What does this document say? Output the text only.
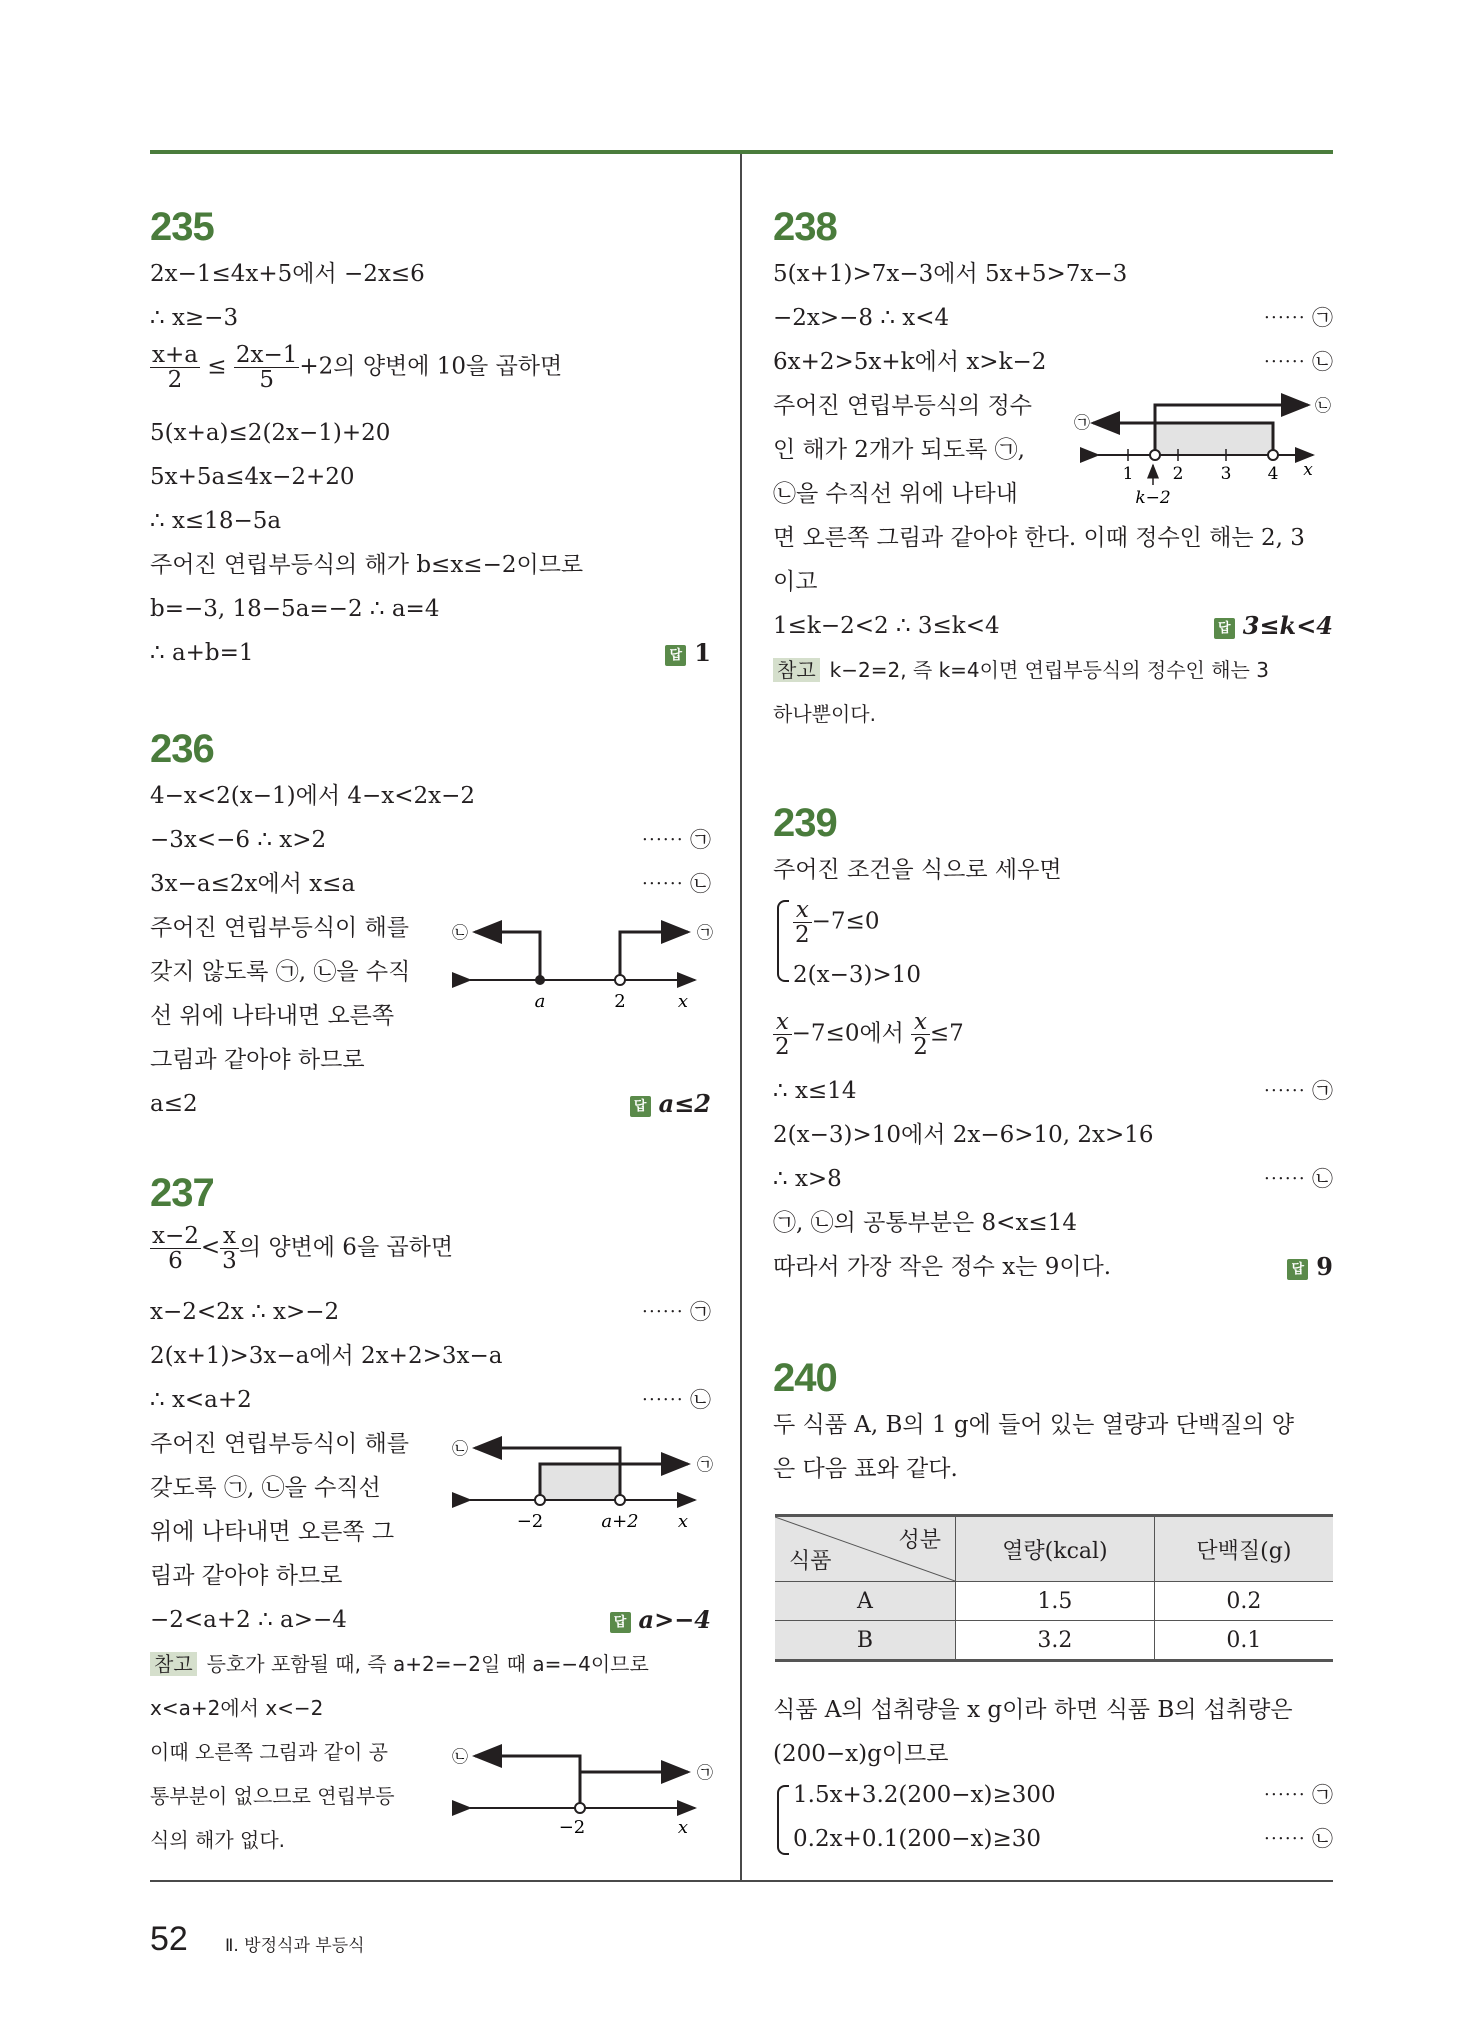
235
2x−1≤4x+5에서 −2x≤6
∴ x≥−3
$\frac{x+a}{2} \le \frac{2x-1}{5} +2$의 양변에 10을 곱하면
5(x+a)≤2(2x−1)+20
5x+5a≤4x−2+20
∴ x≤18−5a
주어진 연립부등식의 해가 b≤x≤−2이므로
b=−3, 18−5a=−2 ∴ a=4
∴ a+b=1	답 1
236
4−x<2(x−1)에서 4−x<2x−2
−3x<−6 ∴ x>2	⋯⋯ ㉠
3x−a≤2x에서 x≤a	⋯⋯ ㉡
주어진 연립부등식이 해를
갖지 않도록 ㉠, ㉡을 수직
선 위에 나타내면 오른쪽
그림과 같아야 하므로
a≤2	답 a≤2
㉡	㉠
a	2	x
237
$\frac{x-2}{6} < \frac{x}{3}$ 의 양변에 6을 곱하면
x−2<2x ∴ x>−2	⋯⋯ ㉠
2(x+1)>3x−a에서 2x+2>3x−a
∴ x<a+2	⋯⋯ ㉡
주어진 연립부등식이 해를
갖도록 ㉠, ㉡을 수직선
위에 나타내면 오른쪽 그
림과 같아야 하므로
−2<a+2 ∴ a>−4	답 a>−4
참고 등호가 포함될 때, 즉 a+2=−2일 때 a=−4이므로
x<a+2에서 x<−2
이때 오른쪽 그림과 같이 공
통부분이 없으므로 연립부등
식의 해가 없다.
㉡
㉠
−2	a+2 x
㉡
㉠
−2	x
238
5(x+1)>7x−3에서 5x+5>7x−3
−2x>−8 ∴ x<4	⋯⋯ ㉠
6x+2>5x+k에서 x>k−2	⋯⋯ ㉡
주어진 연립부등식의 정수
인 해가 2개가 되도록 ㉠,
㉡을 수직선 위에 나타내
면 오른쪽 그림과 같아야 한다. 이때 정수인 해는 2, 3
이고
1≤k−2<2 ∴ 3≤k<4	답 3≤k<4
참고 k−2=2, 즉 k=4이면 연립부등식의 정수인 해는 3
하나뿐이다.
㉠
㉡
1 2 3 4 x
k−2
239
주어진 조건을 식으로 세우면
$\frac{x}{2} -7\le 0$
2(x−3)>10
$\frac{x}{2} -7\le 0$에서 $\frac{x}{2} \le 7$
∴ x≤14	⋯⋯ ㉠
2(x−3)>10에서 2x−6>10, 2x>16
∴ x>8	⋯⋯ ㉡
㉠, ㉡의 공통부분은 8<x≤14
따라서 가장 작은 정수 x는 9이다.	답 9
240
두 식품 A, B의 1 g에 들어 있는 열량과 단백질의 양
은 다음 표와 같다.
성분
식품	열량(kcal)	단백질(g)
A	1.5	0.2
B	3.2	0.1
식품 A의 섭취량을 x g이라 하면 식품 B의 섭취량은
(200−x)g이므로
1.5x+3.2(200−x)≥300	⋯⋯ ㉠
0.2x+0.1(200−x)≥30	⋯⋯ ㉡
52 Ⅱ. 방정식과 부등식
